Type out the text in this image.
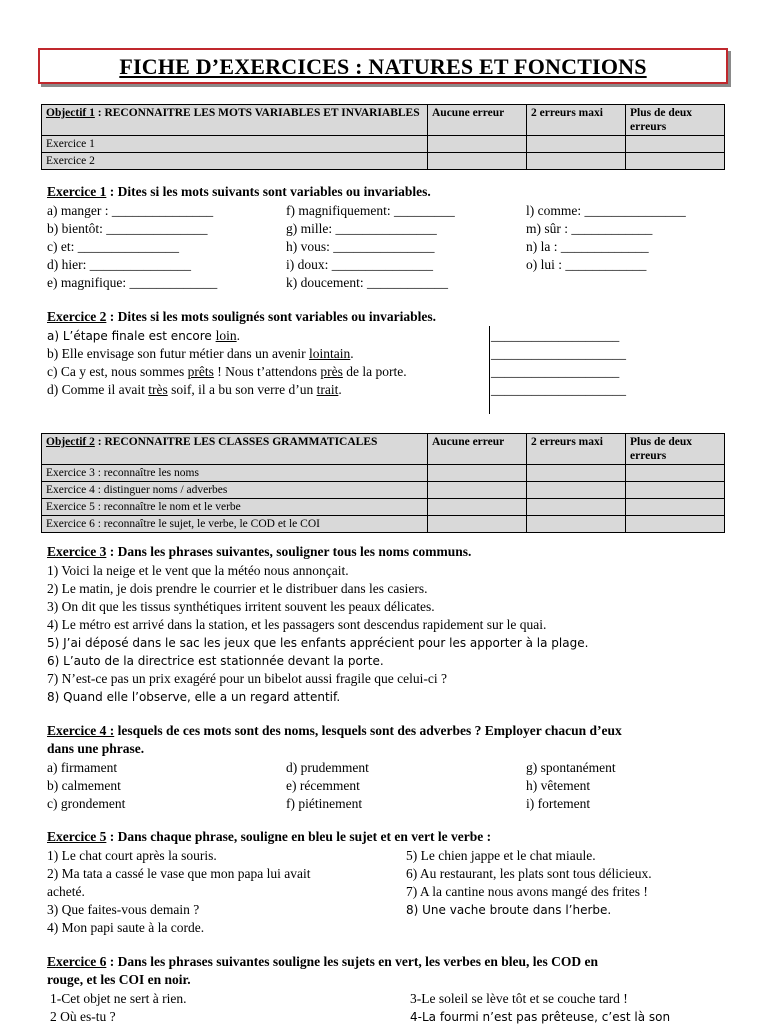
FICHE D’EXERCICES : NATURES ET FONCTIONS
Objectif 1 : RECONNAITRE LES MOTS VARIABLES ET INVARIABLES	Aucune erreur	2 erreurs maxi	Plus de deux erreurs
Exercice 1			
Exercice 2			
Exercice 1 : Dites si les mots suivants sont variables ou invariables.
a) manger : _______________
b) bientôt: _______________
c) et: _______________
d) hier: _______________
e) magnifique: _____________
f) magnifiquement: _________
g) mille: _______________
h) vous: _______________
i) doux: _______________
k) doucement: ____________
l) comme: _______________
m) sûr : ____________
n) la : _____________
o) lui : ____________
Exercice 2 : Dites si les mots soulignés sont variables ou invariables.
a) L’étape finale est encore loin.
b) Elle envisage son futur métier dans un avenir lointain.
c) Ca y est, nous sommes prêts ! Nous t’attendons près de la porte.
d) Comme il avait très soif, il a bu son verre d’un trait.
___________________
____________________
___________________
____________________
Objectif 2 : RECONNAITRE LES CLASSES GRAMMATICALES	Aucune erreur	2 erreurs maxi	Plus de deux erreurs
Exercice 3 : reconnaître les noms			
Exercice 4 : distinguer noms / adverbes			
Exercice 5 : reconnaître le nom et le verbe			
Exercice 6 : reconnaître le sujet, le verbe, le COD et le COI			
Exercice 3 : Dans les phrases suivantes, souligner tous les noms communs.
1) Voici la neige et le vent que la météo nous annonçait.
2) Le matin, je dois prendre le courrier et le distribuer dans les casiers.
3) On dit que les tissus synthétiques irritent souvent les peaux délicates.
4) Le métro est arrivé dans la station, et les passagers sont descendus rapidement sur le quai.
5) J’ai déposé dans le sac les jeux que les enfants apprécient pour les apporter à la plage.
6) L’auto de la directrice est stationnée devant la porte.
7) N’est-ce pas un prix exagéré pour un bibelot aussi fragile que celui-ci ?
8) Quand elle l’observe, elle a un regard attentif.
Exercice 4 : lesquels de ces mots sont des noms, lesquels sont des adverbes ? Employer chacun d’eux
dans une phrase.
a) firmament
b) calmement
c) grondement
d) prudemment
e) récemment
f) piétinement
g) spontanément
h) vêtement
i) fortement
Exercice 5 : Dans chaque phrase, souligne en bleu le sujet et en vert le verbe :
1) Le chat court après la souris.
2) Ma tata a cassé le vase que mon papa lui avait
acheté.
3) Que faites-vous demain ?
4) Mon papi saute à la corde.
5) Le chien jappe et le chat miaule.
6) Au restaurant, les plats sont tous délicieux.
7) A la cantine nous avons mangé des frites !
8) Une vache broute dans l’herbe.
Exercice 6 : Dans les phrases suivantes souligne les sujets en vert, les verbes en bleu, les COD en
rouge, et les COI en noir.
1-Cet objet ne sert à rien.
2 Où es-tu ?
3-Le soleil se lève tôt et se couche tard !
4-La fourmi n’est pas prêteuse, c’est là son
